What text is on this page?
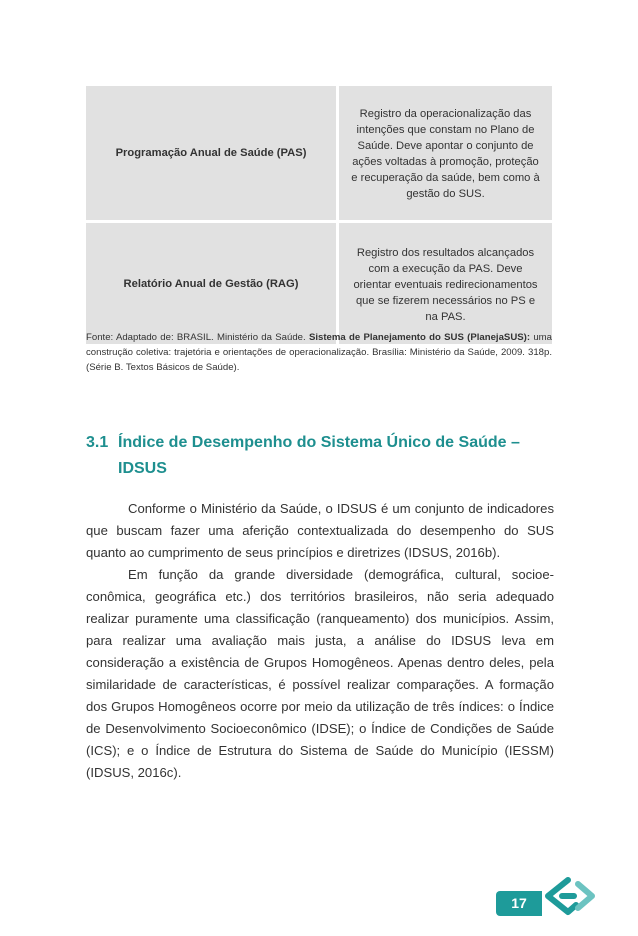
Programação Anual de Saúde (PAS)	Registro da operacionalização das intenções que constam no Plano de Saúde. Deve apontar o conjunto de ações voltadas à promoção, proteção e recuperação da saúde, bem como à gestão do SUS.
Relatório Anual de Gestão (RAG)	Registro dos resultados alcançados com a execução da PAS. Deve orientar eventuais redirecionamentos que se fizerem necessários no PS e na PAS.
Fonte: Adaptado de: BRASIL. Ministério da Saúde. Sistema de Planejamento do SUS (PlanejaSUS): uma construção coletiva: trajetória e orientações de operacionalização. Brasília: Ministério da Saúde, 2009. 318p. (Série B. Textos Básicos de Saúde).
3.1 Índice de Desempenho do Sistema Único de Saúde –
IDSUS

Conforme o Ministério da Saúde, o IDSUS é um conjunto de indicadores que buscam fazer uma aferição contextualizada do desempenho do SUS quanto ao cumprimento de seus princípios e diretrizes (IDSUS, 2016b).

Em função da grande diversidade (demográfica, cultural, socioeconômica, geográfica etc.) dos territórios brasileiros, não seria adequado realizar puramente uma classificação (ranqueamento) dos municípios. Assim, para realizar uma avaliação mais justa, a análise do IDSUS leva em consideração a existência de Grupos Homogêneos. Apenas dentro deles, pela similaridade de características, é possível realizar comparações. A formação dos Grupos Homogêneos ocorre por meio da utilização de três índices: o Índice de Desenvolvimento Socioeconômico (IDSE); o Índice de Condições de Saúde (ICS); e o Índice de Estrutura do Sistema de Saúde do Município (IESSM) (IDSUS, 2016c).

17
